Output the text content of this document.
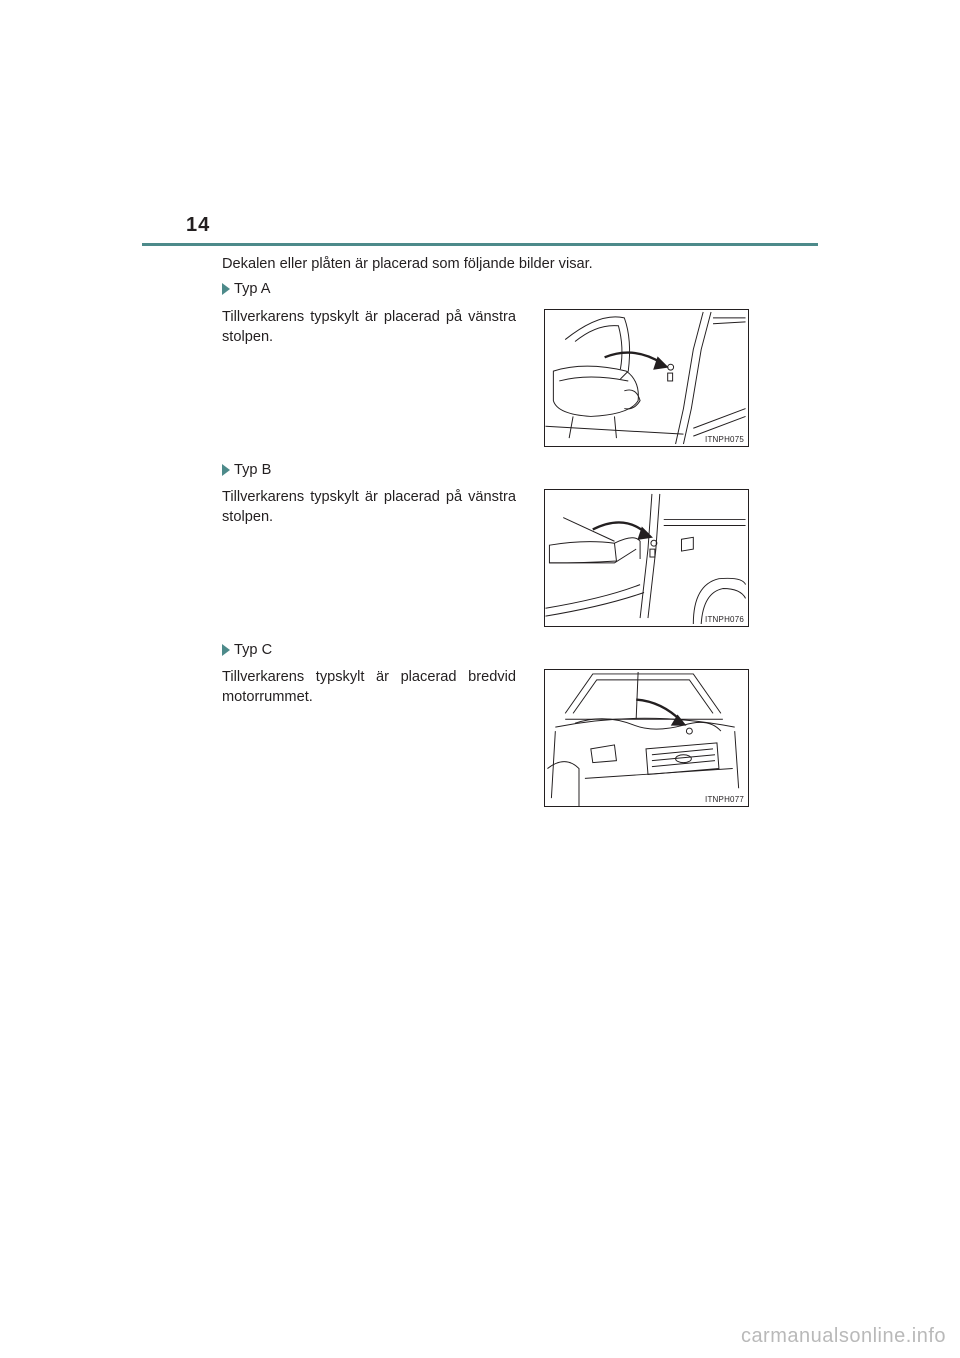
14
Dekalen eller plåten är placerad som följande bilder visar.
Typ A
Tillverkarens typskylt är placerad på vänstra stolpen.
ITNPH075
Typ B
Tillverkarens typskylt är placerad på vänstra stolpen.
ITNPH076
Typ C
Tillverkarens typskylt är placerad bredvid motorrummet.
ITNPH077
carmanualsonline.info
